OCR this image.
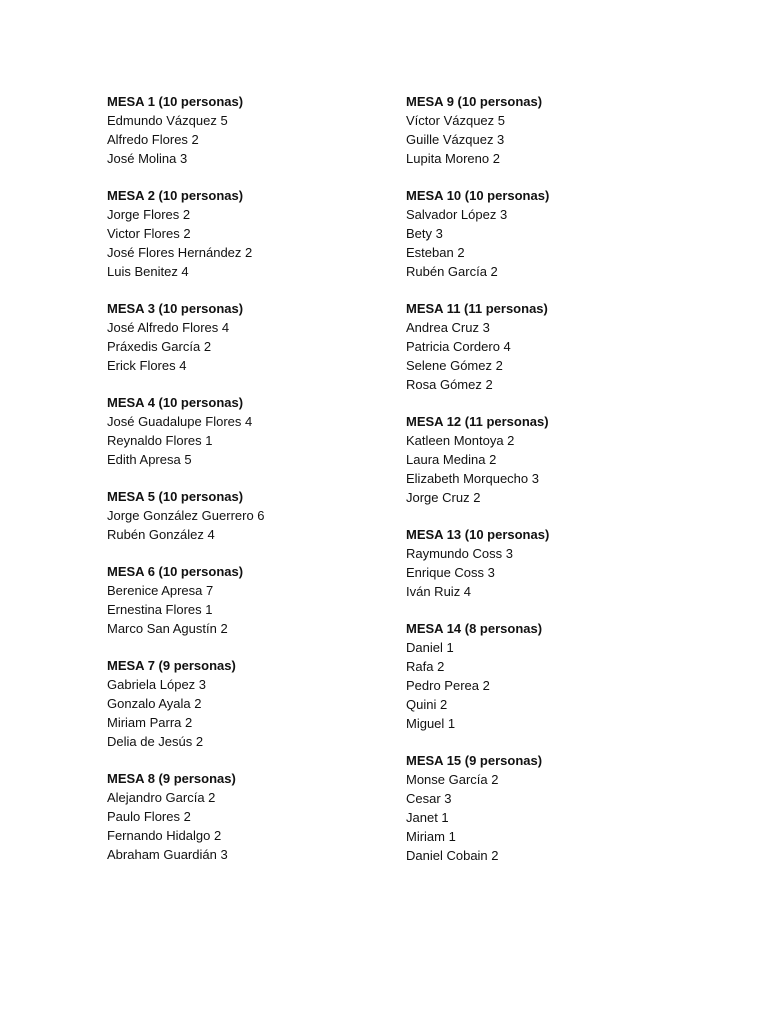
MESA 1 (10 personas)
Edmundo Vázquez 5
Alfredo Flores 2
José Molina 3
MESA 2 (10 personas)
Jorge Flores 2
Victor Flores 2
José Flores Hernández 2
Luis Benitez 4
MESA 3 (10 personas)
José Alfredo Flores 4
Práxedis García 2
Erick Flores 4
MESA 4 (10 personas)
José Guadalupe Flores 4
Reynaldo Flores 1
Edith Apresa 5
MESA 5 (10 personas)
Jorge González Guerrero 6
Rubén González 4
MESA 6 (10 personas)
Berenice Apresa 7
Ernestina Flores 1
Marco San Agustín 2
MESA 7 (9 personas)
Gabriela López 3
Gonzalo Ayala 2
Miriam Parra 2
Delia de Jesús 2
MESA 8 (9 personas)
Alejandro García 2
Paulo Flores 2
Fernando Hidalgo 2
Abraham Guardián 3
MESA 9 (10 personas)
Víctor Vázquez 5
Guille Vázquez 3
Lupita Moreno 2
MESA 10 (10 personas)
Salvador López 3
Bety 3
Esteban 2
Rubén García 2
MESA 11 (11 personas)
Andrea Cruz 3
Patricia Cordero 4
Selene Gómez 2
Rosa Gómez 2
MESA 12 (11 personas)
Katleen Montoya 2
Laura Medina 2
Elizabeth Morquecho 3
Jorge Cruz 2
MESA 13 (10 personas)
Raymundo Coss 3
Enrique Coss 3
Iván Ruiz 4
MESA 14 (8 personas)
Daniel 1
Rafa 2
Pedro Perea 2
Quini 2
Miguel 1
MESA 15 (9 personas)
Monse García 2
Cesar 3
Janet 1
Miriam 1
Daniel Cobain 2
